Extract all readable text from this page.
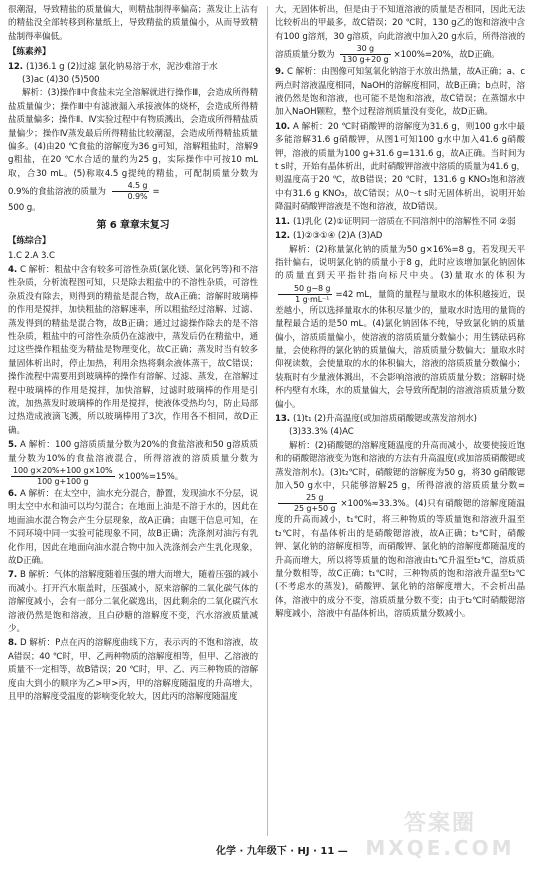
很潮湿，导致精盐的质量偏大，则精盐制得率偏高；蒸发让上沾有的精盐没全部转移到称量纸上，导致精盐的质量偏小，从而导致精盐制得率偏低。

【练素养】

12. (1)36.1 g (2)过滤 氯化钠易溶于水，泥沙难溶于水

(3)ac (4)30 (5)500

解析：(3)操作Ⅱ中食盐未完全溶解就进行操作Ⅲ，会造成所得精盐质量偏少；操作Ⅲ中有滤液漏入承接液体的烧杯，会造成所得精盐质量偏多；操作Ⅱ、Ⅳ实验过程中有物质溅出，会造成所得精盐质量偏少；操作Ⅳ蒸发最后所得精盐比较潮湿，会造成所得精盐质量偏多。(4)由20 ℃食盐的溶解度为36 g可知，溶解粗盐时，溶解9 g粗盐，在20 ℃水合适的量约为25 g，实际操作中可按10 mL取，合30 mL。(5)称取4.5 g提纯的精盐，可配制质量分数为0.9%的食盐溶液的质量为 $\frac{4.5 g}{0.9\%}$ =

500 g。

第 6 章章末复习
【练综合】

1.C 2.A 3.C

4. C 解析：粗盐中含有较多可溶性杂质(氯化镁、氯化钙等)和不溶性杂质，分析流程图可知，只是除去粗盐中的不溶性杂质，可溶性杂质没有除去，则得到的精盐是混合物，故A正确；溶解时玻璃棒的作用是搅拌，加快粗盐的溶解速率，所以粗盐经过溶解、过滤、蒸发得到的精盐是混合物，故B正确；通过过滤操作除去的是不溶性杂质，粗盐中的可溶性杂质仍在滤液中，蒸发后仍在精盐中，通过这些操作粗盐变为精盐是物理变化，故C正确；蒸发时当有较多量固体析出时，停止加热，利用余热将剩余液体蒸干，故C错误；操作流程中需要用到玻璃棒的操作有溶解、过滤、蒸发，在溶解过程中玻璃棒的作用是搅拌，加快溶解，过滤时玻璃棒的作用是引流，加热蒸发时玻璃棒的作用是搅拌，使液体受热均匀，防止局部过热造成液滴飞溅，所以玻璃棒用了3次，作用各不相同，故D正确。

5. A 解析：100 g溶质质量分数为20%的食盐溶液和50 g溶质质量分数为10%的食盐溶液混合，所得溶液的溶质质量分数为
$\frac{100 g\times 20\%+100 g\times 10\%}{100 g+100 g} \times 100\%=15\%$。

6. A 解析：在太空中，油水充分混合，静置，发现油水不分层，说明太空中水和油可以均匀混合；在地面上油是不溶于水的，因此在地面油水混合物会产生分层现象，故A正确；由题干信息可知，在不同环境中同一实验可能现象不同，故B正确；洗涤剂对油污有乳化作用，因此在地面向油水混合物中加入洗涤剂会产生乳化现象，故D正确。

7. B 解析：气体的溶解度随着压强的增大而增大，随着压强的减小而减小。打开汽水瓶盖时，压强减小，原来溶解的二氧化碳气体的溶解度减小，会有一部分二氧化碳逸出，因此剩余的二氧化碳汽水溶液仍然是饱和溶液，且白砂糖的溶解度不变，汽水溶液质量减少。

8. D 解析：P点在丙的溶解度曲线下方，表示丙的不饱和溶液，故A错误；40 ℃时，甲、乙两种物质的溶解度相等，但甲、乙溶液的质量不一定相等，故B错误；20 ℃时，甲、乙、丙三种物质的溶解度由大到小的顺序为乙>甲>丙，甲的溶解度随温度的升高增大，且甲的溶解度受温度的影响变化较大，因此丙的溶解度随温度

大，无固体析出，但是由于不知道溶液的质量是否相同，因此无法比较析出的甲最多，故C错误；20 ℃时，130 g乙的饱和溶液中含有100 g溶剂，30 g溶质，向此溶液中加入20 g水后，所得溶液的溶质质量分数为 $\frac{30 g}{130 g+20 g} \times 100\%=20\%$，故D正确。

9. C 解析：由图像可知氢氧化钠溶于水放出热量，故A正确；a、c两点时溶液温度相同，NaOH的溶解度相同，故B正确；b点时，溶液仍然是饱和溶液，也可能不是饱和溶液，故C错误；在蒸馏水中加入NaOH颗粒，整个过程溶剂质量没有变化，故D正确。

10. A 解析：20 ℃时硝酸钾的溶解度为31.6 g，则100 g水中最多能溶解31.6 g硝酸钾，从图1可知100 g水中加入41.6 g硝酸钾，溶液的质量为100 g+31.6 g=131.6 g，故A正确。当时间为t s时，开始有晶体析出，此时硝酸钾溶液中溶质的质量为41.6 g，则温度高于20 ℃，故B错误；20 ℃时，131.6 g KNO₃饱和溶液中有31.6 g KNO₃，故C错误；从0～t s时无固体析出，说明开始降温时硝酸钾溶液是不饱和溶液，故D错误。

11. (1)乳化 (2)①证明同一溶质在不同溶剂中的溶解性不同 ②弱

12. (1)②③①④ (2)A (3)AD

解析：(2)称量氯化钠的质量为50 g×16%=8 g，若发现天平指针偏右，说明氯化钠的质量小于8 g，此时应该增加氯化钠固体的质量直到天平指针指向标尺中央。(3)量取水的体积为
$\frac{50 g-8 g}{\text{1 g·mL⁻¹}} =42$ mL，量筒的量程与量取水的体积越接近，误差越小，所以选择量取水的体积尽量少的，量取水时选用的量筒的量程最合适的是50 mL。(4)氯化钠固体不纯，导致氯化钠的质量偏小，溶质质量偏小，使溶液的溶质质量分数偏小；用生锈砝码称量，会使称得的氯化钠的质量偏大，溶质质量分数偏大；量取水时仰视读数，会使量取的水的体积偏大，溶液的溶质质量分数偏小；装瓶时有少量液体溅出，不会影响溶液的溶质质量分数；溶解时烧杯内壁有水珠，水的质量偏大，会导致所配制的溶液溶质质量分数偏小。

13. (1)t₁ (2)升高温度(或加溶质硝酸锶或蒸发溶剂水)

(3)33.3% (4)AC

解析：(2)硝酸锶的溶解度随温度的升高而减小，故要使接近饱和的硝酸锶溶液变为饱和溶液的方法有升高温度(或加溶质硝酸锶或蒸发溶剂水)。(3)t₂℃时，硝酸锶的溶解度为50 g，将30 g硝酸锶加入50 g水中，只能够溶解25 g，所得溶液的溶质质量分数=
$\frac{25 g}{25 g+50 g} \times 100\%\approx 33.3\%$。(4)只有硝酸锶的溶解度随温度的升高而减小，t₁℃时，将三种物质的等质量饱和溶液升温至t₂℃时，有晶体析出的是硝酸锶溶液，故A正确；t₂℃时，硝酸钾、氯化钠的溶解度相等，而硝酸钾、氯化钠的溶解度都随温度的升高而增大，所以将等质量的饱和溶液由t₁℃升温至t₂℃，溶质质量分数相等，故C正确；t₁℃时，三种物质的饱和溶液升温至t₂℃(不考虑水的蒸发)，硝酸钾、氯化钠的溶解度增大，不会析出晶体，溶液中的成分不变，溶质质量分数不变；由于t₂℃时硝酸锶溶解度减小，溶液中有晶体析出，溶质质量分数减小。

化学 · 九年级下 · HJ · 11 —
答案圈
MXQE.COM
